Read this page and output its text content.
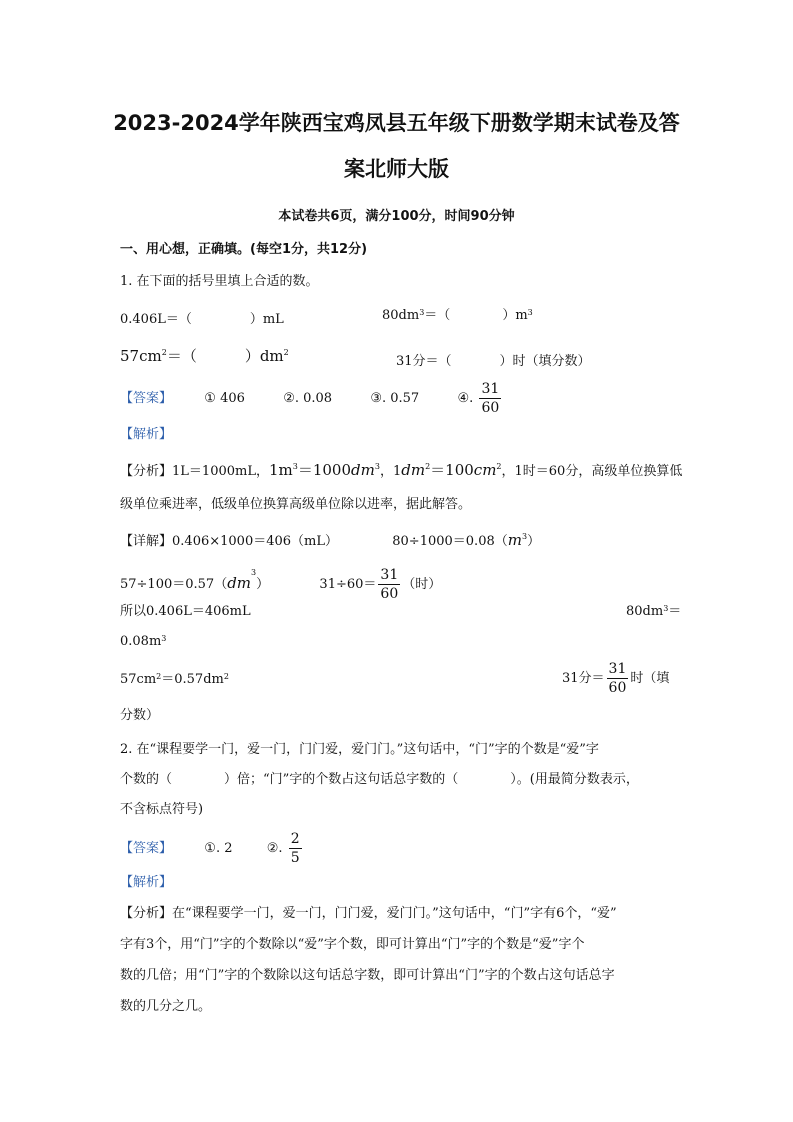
2023-2024学年陕西宝鸡凤县五年级下册数学期末试卷及答
案北师大版
本试卷共6页，满分100分，时间90分钟
一、用心想，正确填。(每空1分，共12分)
1. 在下面的括号里填上合适的数。
0.406L＝（	）mL	$80dm^3=$（	）$m^3$
$57cm^2=$（	）$dm^2$
31分＝（	）时（填分数）
【答案】 ① 406	②. 0.08	③. 0.57	④. $\frac{31}{60}$
【解析】
【分析】1L＝1000mL，$1m^3=1000dm^3$，$1dm^2=100cm^2$，1时＝60分，高级单位换算低
级单位乘进率，低级单位换算高级单位除以进率，据此解答。
【详解】0.406×1000＝406（mL）	$80\div 1000=0.08(m^3)$
$57\div 100=0.57(dm^3)$	$31\div 60= \frac{31}{60}$ （时）
所以0.406L＝406mL	$80dm^3=$
$0.08m^3$
$57cm^2=0.57dm^2$	31分＝ $\frac{31}{60}$ 时（填
分数）
2. 在“课程要学一门，爱一门，门门爱，爱门门。”这句话中，“门”字的个数是“爱”字
个数的（　　　　）倍；“门”字的个数占这句话总字数的（　　　　）。(用最简分数表示，
不含标点符号)
【答案】 ①. 2	②. $\frac{2}{5}$
【解析】
【分析】在“课程要学一门，爱一门，门门爱，爱门门。”这句话中，“门”字有6个，“爱”
字有3个，用“门”字的个数除以“爱”字个数，即可计算出“门”字的个数是“爱”字个
数的几倍；用“门”字的个数除以这句话总字数，即可计算出“门”字的个数占这句话总字
数的几分之几。
